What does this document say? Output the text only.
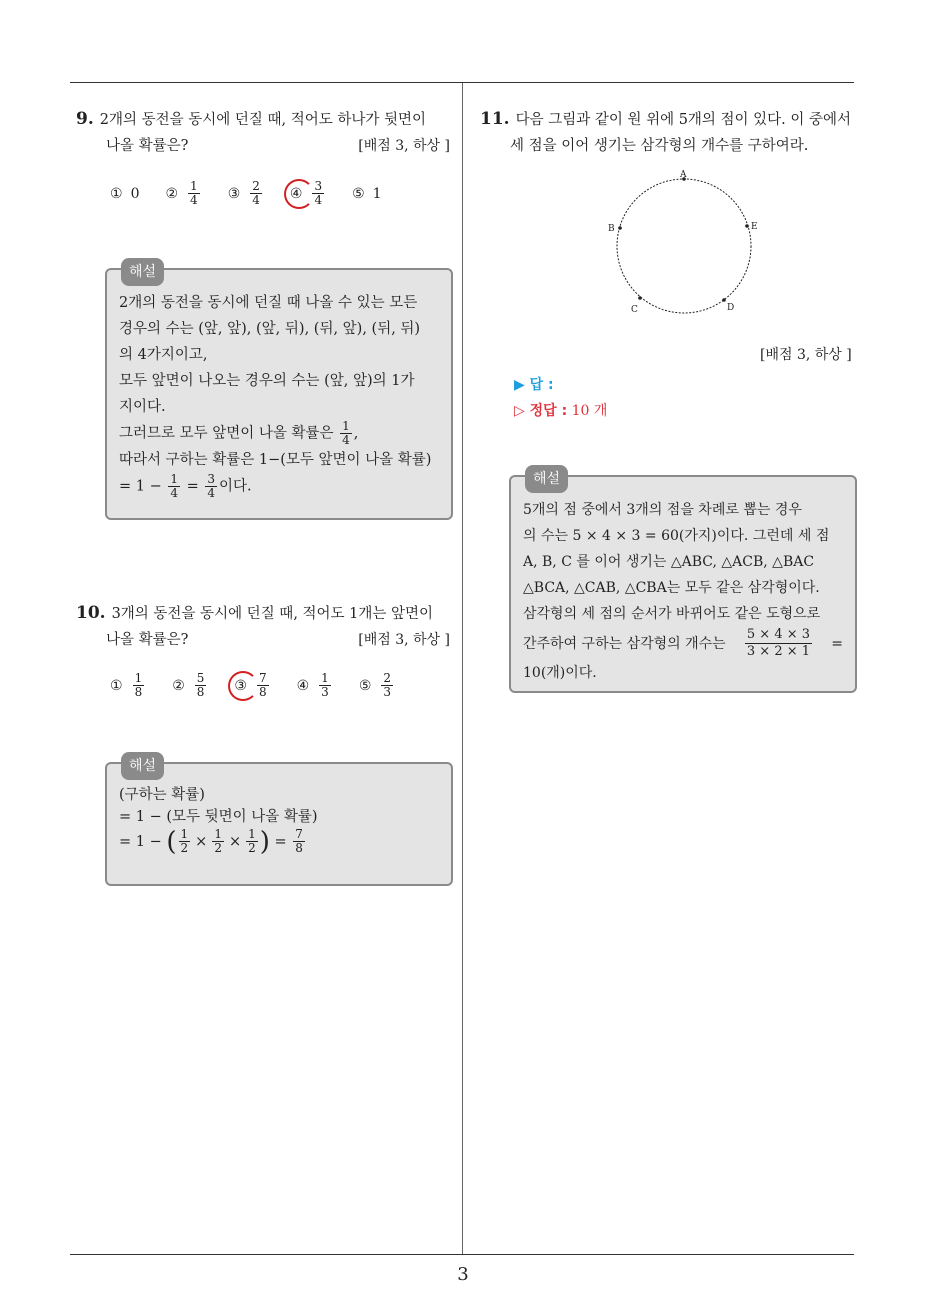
3
9. 2개의 동전을 동시에 던질 때, 적어도 하나가 뒷면이
나올 확률은?	[배점 3, 하상 ]
① 0 ② $\frac{1}{4}$ ③ $\frac{2}{4}$ ④ $\frac{3}{4}$ ⑤ 1
해설
2개의 동전을 동시에 던질 때 나올 수 있는 모든
경우의 수는 (앞, 앞), (앞, 뒤), (뒤, 앞), (뒤, 뒤)
의 4가지이고,
모두 앞면이 나오는 경우의 수는 (앞, 앞)의 1가
지이다.
그러므로 모두 앞면이 나올 확률은 $\frac{1}{4}$ ,
따라서 구하는 확률은 1−(모두 앞면이 나올 확률)
= $1 - \frac{1}{4} = \frac{3}{4}$ 이다.
10. 3개의 동전을 동시에 던질 때, 적어도 1개는 앞면이
나올 확률은?	[배점 3, 하상 ]
① $\frac{1}{8}$ ② $\frac{5}{8}$ ③ $\frac{7}{8}$ ④ $\frac{1}{3}$ ⑤ $\frac{2}{3}$
해설
(구하는 확률)
= 1 − (모두 뒷면이 나올 확률)
= 1 −
( $\frac{1}{2} \times \frac{1}{2} \times \frac{1}{2}$ )
=
$\frac{7}{8}$
11. 다음 그림과 같이 원 위에 5개의 점이 있다. 이 중에서
세 점을 이어 생기는 삼각형의 개수를 구하여라.
A
B
C	D
E
[배점 3, 하상 ]
▶ 답 :
▷ 정답 : 10 개
해설
5개의 점 중에서 3개의 점을 차례로 뽑는 경우
의 수는 5 × 4 × 3 = 60(가지)이다. 그런데 세 점
A, B, C 를 이어 생기는 △ABC, △ACB, △BAC
△BCA, △CAB, △CBA는 모두 같은 삼각형이다.
삼각형의 세 점의 순서가 바뀌어도 같은 도형으로
간주하여 구하는 삼각형의 개수는 $\frac{5 \times 4 \times 3}{3 \times 2 \times 1}$ =
10(개)이다.
